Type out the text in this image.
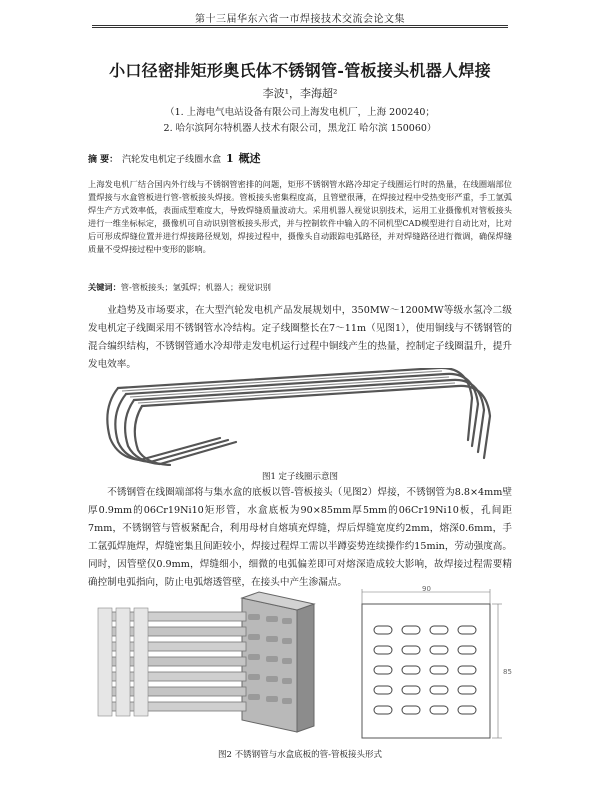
第十三届华东六省一市焊接技术交流会论文集
小口径密排矩形奥氏体不锈钢管-管板接头机器人焊接
李波¹，李海超²
（1. 上海电气电站设备有限公司上海发电机厂，上海 200240；
2. 哈尔滨阿尔特机器人技术有限公司，黑龙江 哈尔滨 150060）
摘 要： 汽轮发电机定子线圈水盒 1 概述
上海发电机厂结合国内外行线与不锈钢管密排的问题，矩形不锈钢管水路冷却定子线圈运行时的热量，在线圈端部位置焊接与水盒管板进行管-管板接头焊接。管板接头密集程度高，且管壁很薄，在焊接过程中受热变形严重，手工氩弧焊生产方式效率低，表面成型难度大，导致焊缝质量波动大。采用机器人视觉识别技术，运用工业摄像机对管板接头进行一维坐标标定，摄像机可自动识别管板接头形式，并与控制软件中输入的不同机型CAD模型进行自动比对，比对后可形成焊缝位置并进行焊接路径规划，焊接过程中，摄像头自动跟踪电弧路径，并对焊缝路径进行微调，确保焊缝质量不受焊接过程中变形的影响。
关键词：管-管板接头；氩弧焊；机器人；视觉识别
业趋势及市场要求，在大型汽轮发电机产品发展规划中，350MW～1200MW等级水氢冷二级发电机定子线圈采用不锈钢管水冷结构。定子线圈整长在7～11m（见图1），使用铜线与不锈钢管的混合编织结构，不锈钢管通水冷却带走发电机运行过程中铜线产生的热量，控制定子线圈温升，提升发电效率。
图1 定子线圈示意图
不锈钢管在线圈端部将与集水盒的底板以管-管板接头（见图2）焊接，不锈钢管为8.8×4mm壁厚0.9mm的06Cr19Ni10矩形管，水盒底板为90×85mm厚5mm的06Cr19Ni10板，孔间距7mm，不锈钢管与管板紧配合，利用母材自熔填充焊缝，焊后焊缝宽度约2mm，熔深0.6mm，手工氩弧焊施焊，焊缝密集且间距较小，焊接过程焊工需以半蹲姿势连续操作约15min，劳动强度高。同时，因管壁仅0.9mm，焊缝细小，细微的电弧偏差即可对熔深造成较大影响，故焊接过程需要精确控制电弧指向，防止电弧熔透管壁，在接头中产生渗漏点。
90
85
图2 不锈钢管与水盒底板的管-管板接头形式
